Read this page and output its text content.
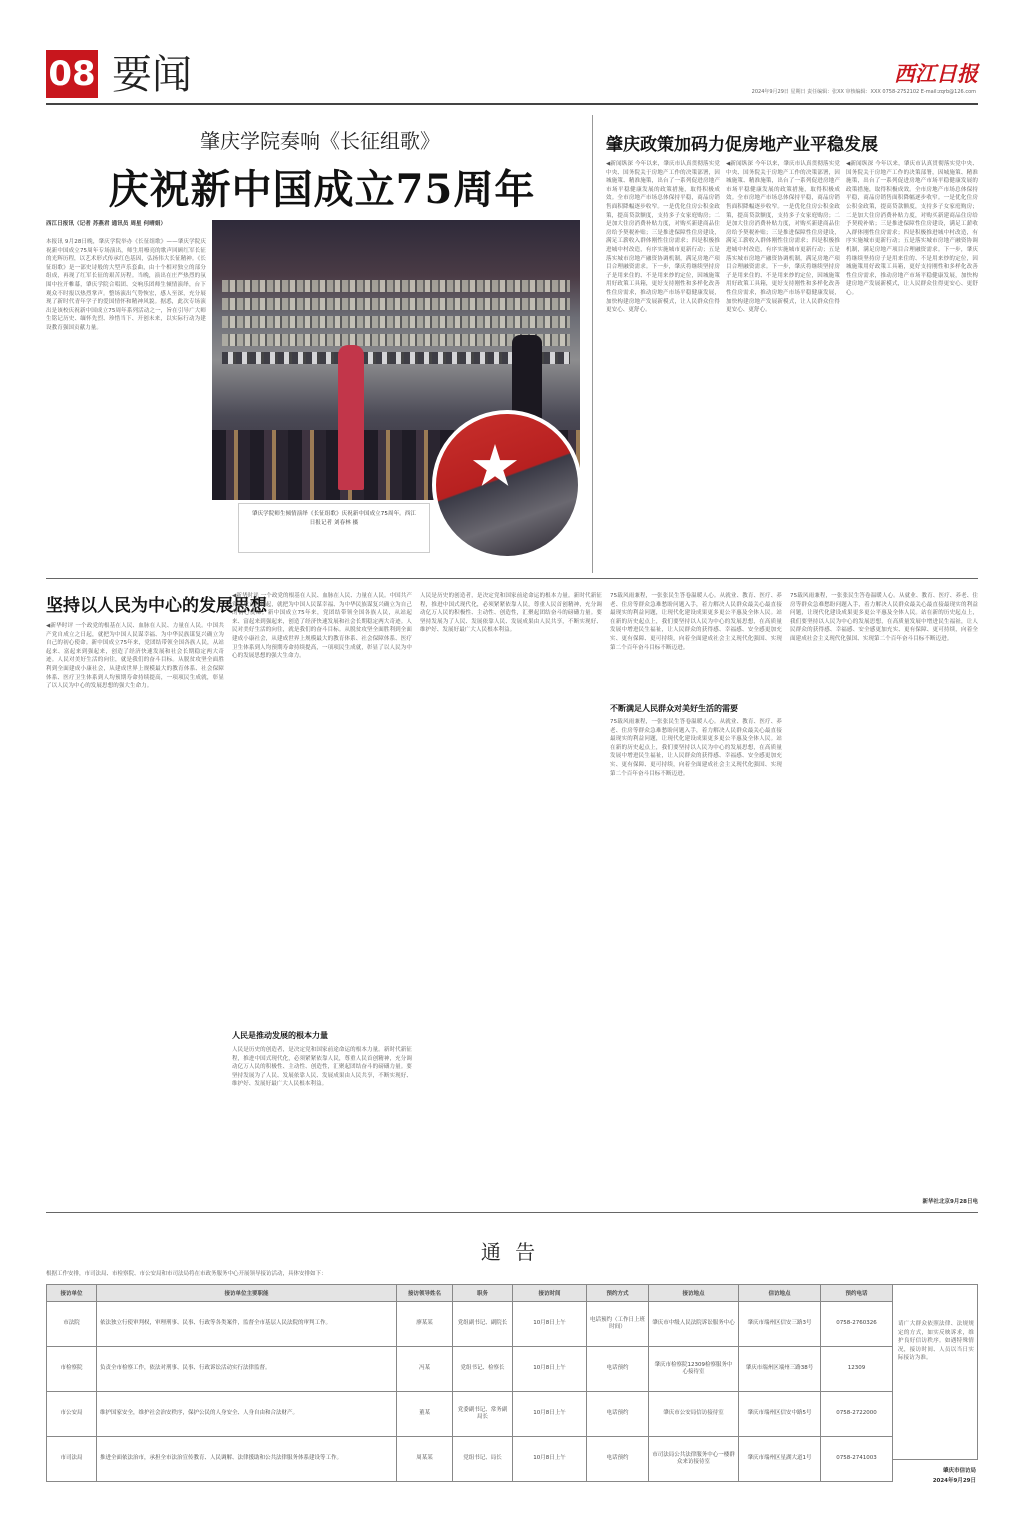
08 要闻	西江日报
2024年9月29日 星期日 责任编辑：张XX 审核编辑：XXX 0758-2752102 E-mail:zqrb@126.com
肇庆学院奏响《长征组歌》
庆祝新中国成立75周年
西江日报讯（记者 苏燕君 通讯员 周星 何晴娟）
本报讯 9月28日晚，肇庆学院举办《长征组歌》——肇庆学院庆祝新中国成立75周年专场演出，师生用嘹亮的歌声回顾红军长征的光辉历程，以艺术形式传承红色基因，弘扬伟大长征精神。《长征组歌》是一部史诗般的大型声乐套曲，由十个相对独立的部分组成，再现了红军长征的艰苦历程。当晚，演出在庄严热烈的氛围中拉开帷幕，肇庆学院合唱团、交响乐团师生倾情演绎，台下观众不时报以热烈掌声。整场演出气势恢宏，感人至深，充分展现了新时代青年学子的爱国情怀和精神风貌。据悉，此次专场演出是该校庆祝新中国成立75周年系列活动之一，旨在引导广大师生铭记历史、缅怀先烈、珍惜当下、开创未来，以实际行动为建设教育强国贡献力量。
肇庆学院师生倾情演绎《长征组歌》庆祝新中国成立75周年。西江日报记者 刘春林 摄
肇庆政策加码力促房地产业平稳发展
◀新闻纵深 今年以来，肇庆市认真贯彻落实党中央、国务院关于房地产工作的决策部署，因城施策、精准施策，出台了一系列促进房地产市场平稳健康发展的政策措施，取得积极成效。全市房地产市场总体保持平稳，商品房销售面积降幅逐步收窄。一是优化住房公积金政策，提高贷款额度，支持多子女家庭购房；二是加大住房消费补贴力度，对购买新建商品住房给予契税补贴；三是推进保障性住房建设，满足工薪收入群体刚性住房需求；四是积极推进城中村改造，有序实施城市更新行动；五是落实城市房地产融资协调机制，满足房地产项目合理融资需求。下一步，肇庆将继续坚持房子是用来住的、不是用来炒的定位，因城施策用好政策工具箱，更好支持刚性和多样化改善性住房需求，推动房地产市场平稳健康发展，加快构建房地产发展新模式，让人民群众住得更安心、更舒心。
◀新闻纵深 今年以来，肇庆市认真贯彻落实党中央、国务院关于房地产工作的决策部署，因城施策、精准施策，出台了一系列促进房地产市场平稳健康发展的政策措施，取得积极成效。全市房地产市场总体保持平稳，商品房销售面积降幅逐步收窄。一是优化住房公积金政策，提高贷款额度，支持多子女家庭购房；二是加大住房消费补贴力度，对购买新建商品住房给予契税补贴；三是推进保障性住房建设，满足工薪收入群体刚性住房需求；四是积极推进城中村改造，有序实施城市更新行动；五是落实城市房地产融资协调机制，满足房地产项目合理融资需求。下一步，肇庆将继续坚持房子是用来住的、不是用来炒的定位，因城施策用好政策工具箱，更好支持刚性和多样化改善性住房需求，推动房地产市场平稳健康发展，加快构建房地产发展新模式，让人民群众住得更安心、更舒心。
◀新闻纵深 今年以来，肇庆市认真贯彻落实党中央、国务院关于房地产工作的决策部署，因城施策、精准施策，出台了一系列促进房地产市场平稳健康发展的政策措施，取得积极成效。全市房地产市场总体保持平稳，商品房销售面积降幅逐步收窄。一是优化住房公积金政策，提高贷款额度，支持多子女家庭购房；二是加大住房消费补贴力度，对购买新建商品住房给予契税补贴；三是推进保障性住房建设，满足工薪收入群体刚性住房需求；四是积极推进城中村改造，有序实施城市更新行动；五是落实城市房地产融资协调机制，满足房地产项目合理融资需求。下一步，肇庆将继续坚持房子是用来住的、不是用来炒的定位，因城施策用好政策工具箱，更好支持刚性和多样化改善性住房需求，推动房地产市场平稳健康发展，加快构建房地产发展新模式，让人民群众住得更安心、更舒心。
坚持以人民为中心的发展思想
◀新华时评 一个政党的根基在人民、血脉在人民、力量在人民。中国共产党自成立之日起，就把为中国人民谋幸福、为中华民族谋复兴确立为自己的初心使命。新中国成立75年来，党团结带领全国各族人民，从站起来、富起来到强起来，创造了经济快速发展和社会长期稳定两大奇迹。人民对美好生活的向往，就是我们的奋斗目标。从脱贫攻坚全面胜利到全面建成小康社会，从建成世界上规模最大的教育体系、社会保障体系、医疗卫生体系到人均预期寿命持续提高，一项项民生成就，彰显了以人民为中心的发展思想的强大生命力。
◀新华时评 一个政党的根基在人民、血脉在人民、力量在人民。中国共产党自成立之日起，就把为中国人民谋幸福、为中华民族谋复兴确立为自己的初心使命。新中国成立75年来，党团结带领全国各族人民，从站起来、富起来到强起来，创造了经济快速发展和社会长期稳定两大奇迹。人民对美好生活的向往，就是我们的奋斗目标。从脱贫攻坚全面胜利到全面建成小康社会，从建成世界上规模最大的教育体系、社会保障体系、医疗卫生体系到人均预期寿命持续提高，一项项民生成就，彰显了以人民为中心的发展思想的强大生命力。
人民是推动发展的根本力量
人民是历史的创造者，是决定党和国家前途命运的根本力量。新时代新征程，推进中国式现代化，必须紧紧依靠人民，尊重人民首创精神，充分调动亿万人民的积极性、主动性、创造性，汇聚起团结奋斗的磅礴力量。要坚持发展为了人民、发展依靠人民、发展成果由人民共享，不断实现好、维护好、发展好最广大人民根本利益。
人民是历史的创造者，是决定党和国家前途命运的根本力量。新时代新征程，推进中国式现代化，必须紧紧依靠人民，尊重人民首创精神，充分调动亿万人民的积极性、主动性、创造性，汇聚起团结奋斗的磅礴力量。要坚持发展为了人民、发展依靠人民、发展成果由人民共享，不断实现好、维护好、发展好最广大人民根本利益。
75载风雨兼程，一张张民生答卷温暖人心。从就业、教育、医疗、养老、住房等群众急难愁盼问题入手，着力解决人民群众最关心最直接最现实的利益问题，让现代化建设成果更多更公平惠及全体人民。站在新的历史起点上，我们要坚持以人民为中心的发展思想，在高质量发展中增进民生福祉，让人民群众的获得感、幸福感、安全感更加充实、更有保障、更可持续，向着全面建成社会主义现代化强国、实现第二个百年奋斗目标不断迈进。
不断满足人民群众对美好生活的需要
75载风雨兼程，一张张民生答卷温暖人心。从就业、教育、医疗、养老、住房等群众急难愁盼问题入手，着力解决人民群众最关心最直接最现实的利益问题，让现代化建设成果更多更公平惠及全体人民。站在新的历史起点上，我们要坚持以人民为中心的发展思想，在高质量发展中增进民生福祉，让人民群众的获得感、幸福感、安全感更加充实、更有保障、更可持续，向着全面建成社会主义现代化强国、实现第二个百年奋斗目标不断迈进。
75载风雨兼程，一张张民生答卷温暖人心。从就业、教育、医疗、养老、住房等群众急难愁盼问题入手，着力解决人民群众最关心最直接最现实的利益问题，让现代化建设成果更多更公平惠及全体人民。站在新的历史起点上，我们要坚持以人民为中心的发展思想，在高质量发展中增进民生福祉，让人民群众的获得感、幸福感、安全感更加充实、更有保障、更可持续，向着全面建成社会主义现代化强国、实现第二个百年奋斗目标不断迈进。
新华社北京9月28日电
通 告
根据工作安排，市司法局、市检察院、市公安局和市司法局将在市政务服务中心开展领导接访活动，具体安排如下：
接访单位	接访单位主要职能	接访领导姓名	职务	接访时间	预约方式	接访地点	信访地点	预约电话
市法院	依法独立行使审判权，审理刑事、民事、行政等各类案件，监督全市基层人民法院的审判工作。	廖某某	党组副书记、副院长	10月8日上午	电话预约（工作日上班时间）	肇庆市中级人民法院诉讼服务中心	肇庆市端州区信安三路3号	0758-2760326
市检察院	负责全市检察工作，依法对刑事、民事、行政诉讼活动实行法律监督。	冯某	党组书记、检察长	10月8日上午	电话预约	肇庆市检察院12309检察服务中心接待室	肇庆市端州区端州三路38号	12309
市公安局	维护国家安全，维护社会治安秩序，保护公民的人身安全、人身自由和合法财产。	董某	党委副书记、常务副局长	10月8日上午	电话预约	肇庆市公安局信访接待室	肇庆市端州区信安中路5号	0758-2722000
市司法局	推进全面依法治市，承担全市法治宣传教育、人民调解、法律援助和公共法律服务体系建设等工作。	周某某	党组书记、局长	10月8日上午	电话预约	市司法局公共法律服务中心一楼群众来访接待室	肇庆市端州区星湖大道1号	0758-2741003
请广大群众依照法律、法规规定的方式，如实反映诉求，维护良好信访秩序。如遇特殊情况，接访时间、人员以当日实际接访为准。
肇庆市信访局
2024年9月29日
